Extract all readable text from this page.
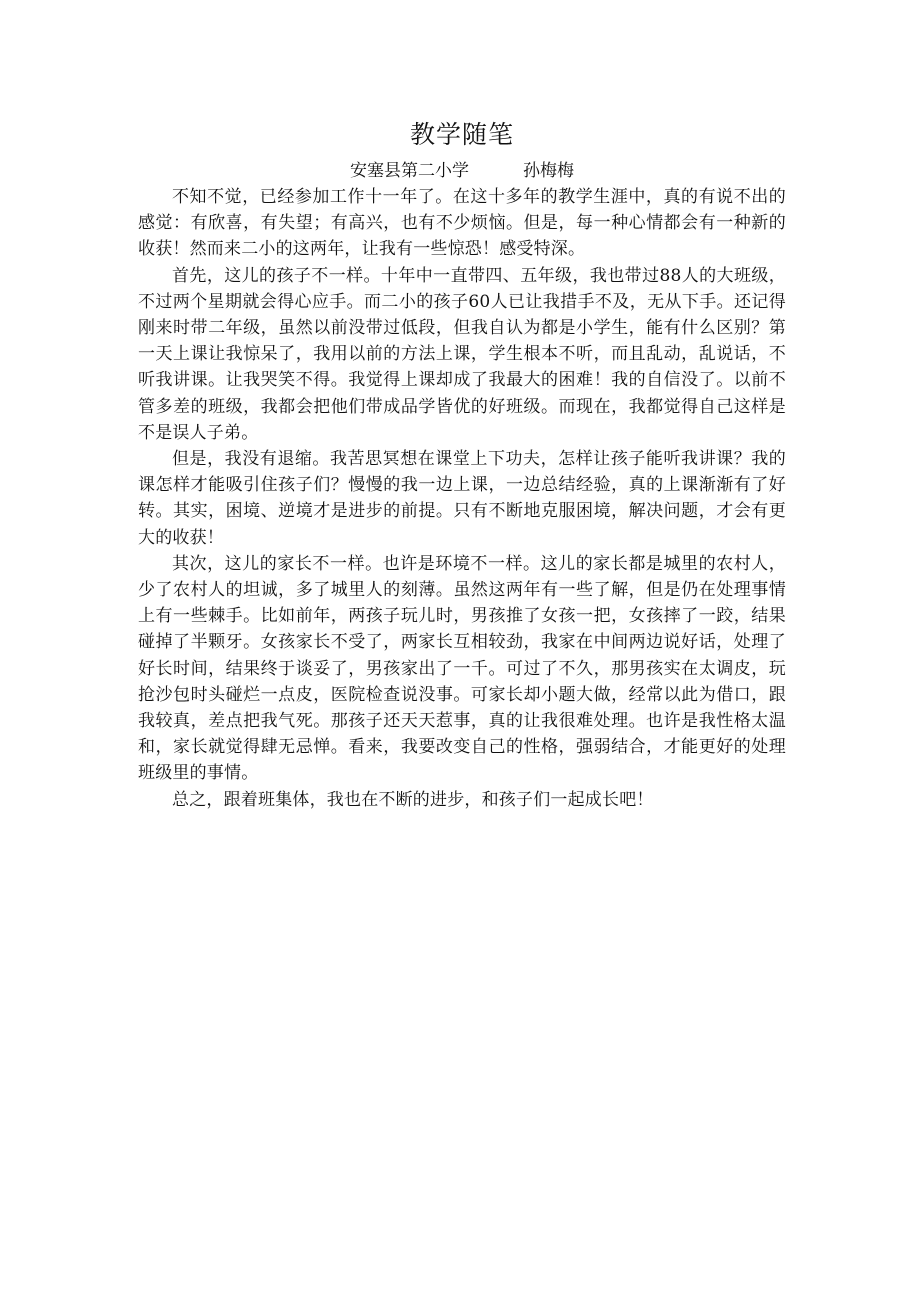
教学随笔
安塞县第二小学	孙梅梅

不知不觉，已经参加工作十一年了。在这十多年的教学生涯中，真的有说不出的感觉：有欣喜，有失望；有高兴，也有不少烦恼。但是，每一种心情都会有一种新的收获！然而来二小的这两年，让我有一些惊恐！感受特深。

首先，这儿的孩子不一样。十年中一直带四、五年级，我也带过88人的大班级，不过两个星期就会得心应手。而二小的孩子60人已让我措手不及，无从下手。还记得刚来时带二年级，虽然以前没带过低段，但我自认为都是小学生，能有什么区别？第一天上课让我惊呆了，我用以前的方法上课，学生根本不听，而且乱动，乱说话，不听我讲课。让我哭笑不得。我觉得上课却成了我最大的困难！我的自信没了。以前不管多差的班级，我都会把他们带成品学皆优的好班级。而现在，我都觉得自己这样是不是误人子弟。

但是，我没有退缩。我苦思冥想在课堂上下功夫，怎样让孩子能听我讲课？我的课怎样才能吸引住孩子们？慢慢的我一边上课，一边总结经验，真的上课渐渐有了好转。其实，困境、逆境才是进步的前提。只有不断地克服困境，解决问题，才会有更大的收获！

其次，这儿的家长不一样。也许是环境不一样。这儿的家长都是城里的农村人，少了农村人的坦诚，多了城里人的刻薄。虽然这两年有一些了解，但是仍在处理事情上有一些棘手。比如前年，两孩子玩儿时，男孩推了女孩一把，女孩摔了一跤，结果碰掉了半颗牙。女孩家长不受了，两家长互相较劲，我家在中间两边说好话，处理了好长时间，结果终于谈妥了，男孩家出了一千。可过了不久，那男孩实在太调皮，玩抢沙包时头碰烂一点皮，医院检查说没事。可家长却小题大做，经常以此为借口，跟我较真，差点把我气死。那孩子还天天惹事，真的让我很难处理。也许是我性格太温和，家长就觉得肆无忌惮。看来，我要改变自己的性格，强弱结合，才能更好的处理班级里的事情。

总之，跟着班集体，我也在不断的进步，和孩子们一起成长吧！
